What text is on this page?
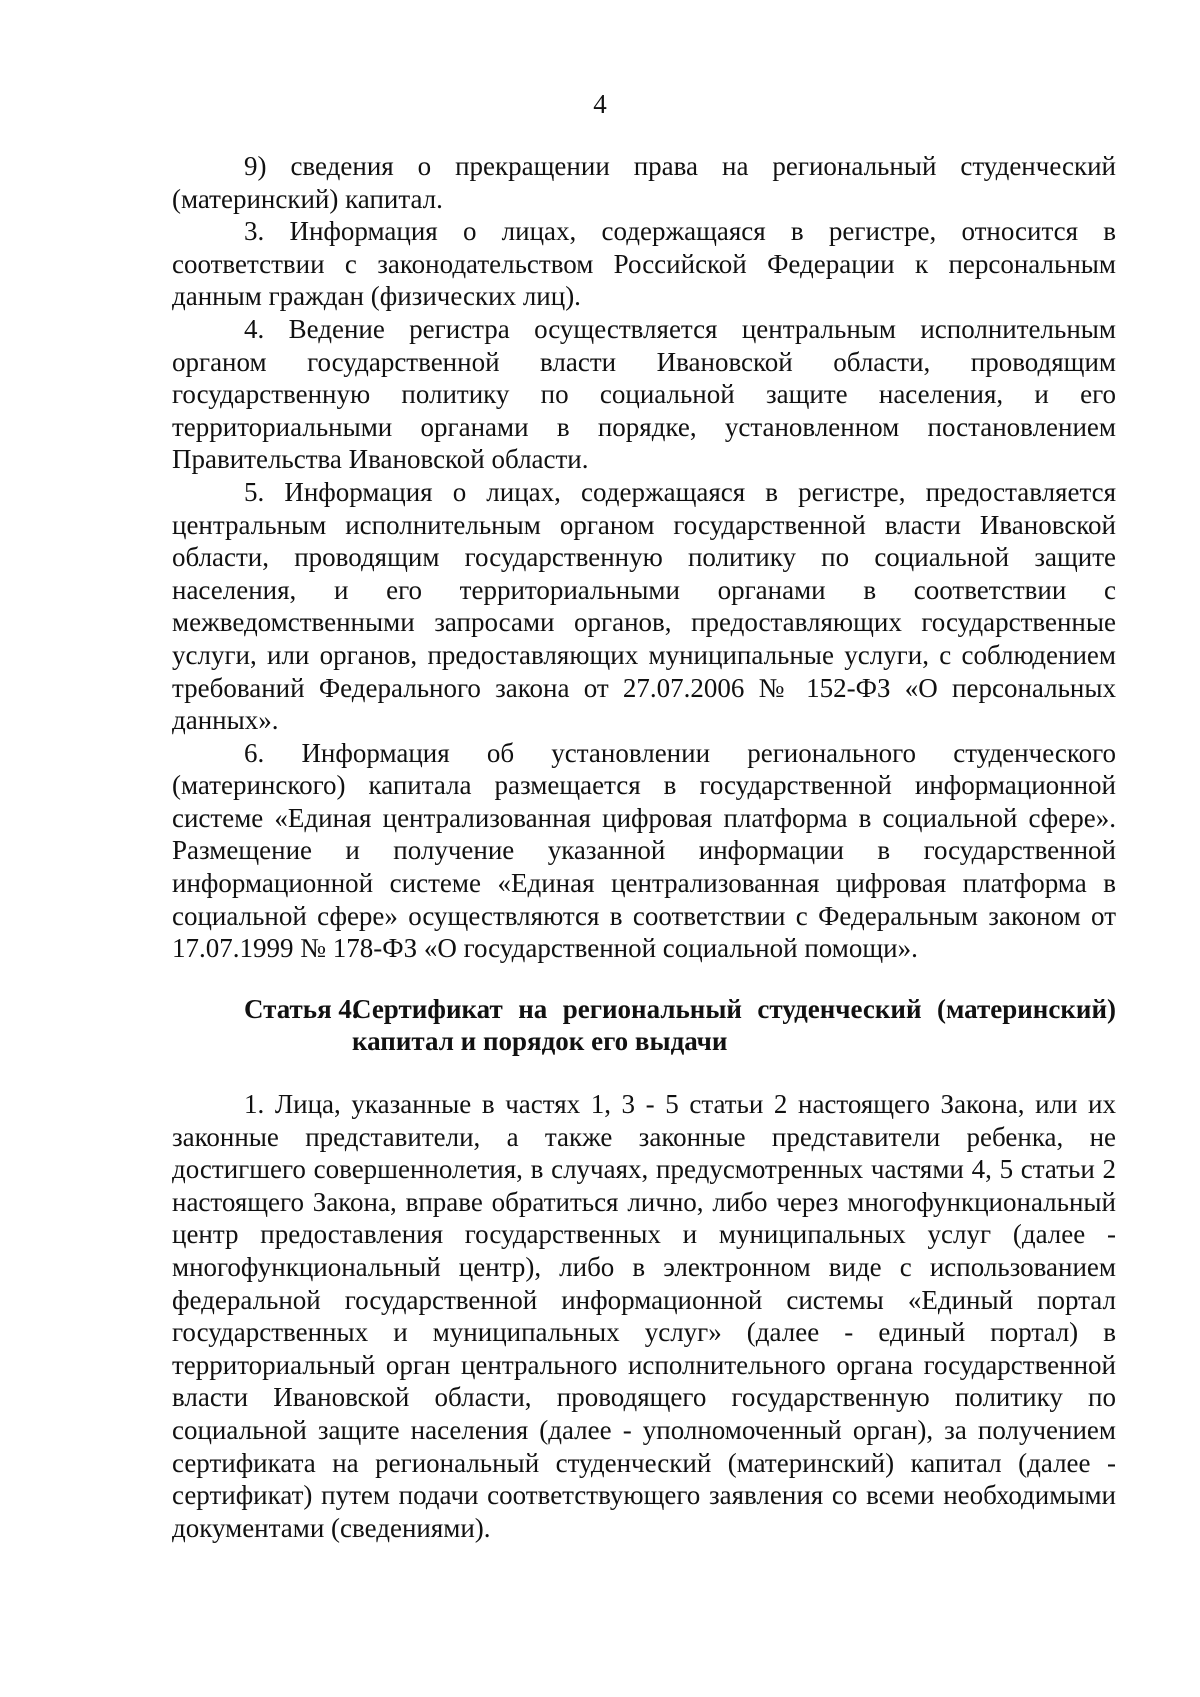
4

9) сведения о прекращении права на региональный студенческий (материнский) капитал.

3. Информация о лицах, содержащаяся в регистре, относится в соответствии с законодательством Российской Федерации к персональным данным граждан (физических лиц).

4. Ведение регистра осуществляется центральным исполнительным органом государственной власти Ивановской области, проводящим государственную политику по социальной защите населения, и его территориальными органами в порядке, установленном постановлением Правительства Ивановской области.

5. Информация о лицах, содержащаяся в регистре, предоставляется центральным исполнительным органом государственной власти Ивановской области, проводящим государственную политику по социальной защите населения, и его территориальными органами в соответствии с межведомственными запросами органов, предоставляющих государственные услуги, или органов, предоставляющих муниципальные услуги, с соблюдением требований Федерального закона от 27.07.2006 № 152-ФЗ «О персональных данных».

6. Информация об установлении регионального студенческого (материнского) капитала размещается в государственной информационной системе «Единая централизованная цифровая платформа в социальной сфере». Размещение и получение указанной информации в государственной информационной системе «Единая централизованная цифровая платформа в социальной сфере» осуществляются в соответствии с Федеральным законом от 17.07.1999 № 178-ФЗ «О государственной социальной помощи».

Статья 4.
Сертификат на региональный студенческий (материнский) капитал и порядок его выдачи

1. Лица, указанные в частях 1, 3 - 5 статьи 2 настоящего Закона, или их законные представители, а также законные представители ребенка, не достигшего совершеннолетия, в случаях, предусмотренных частями 4, 5 статьи 2 настоящего Закона, вправе обратиться лично, либо через многофункциональный центр предоставления государственных и муниципальных услуг (далее - многофункциональный центр), либо в электронном виде с использованием федеральной государственной информационной системы «Единый портал государственных и муниципальных услуг» (далее - единый портал) в территориальный орган центрального исполнительного органа государственной власти Ивановской области, проводящего государственную политику по социальной защите населения (далее - уполномоченный орган), за получением сертификата на региональный студенческий (материнский) капитал (далее - сертификат) путем подачи соответствующего заявления со всеми необходимыми документами (сведениями).
